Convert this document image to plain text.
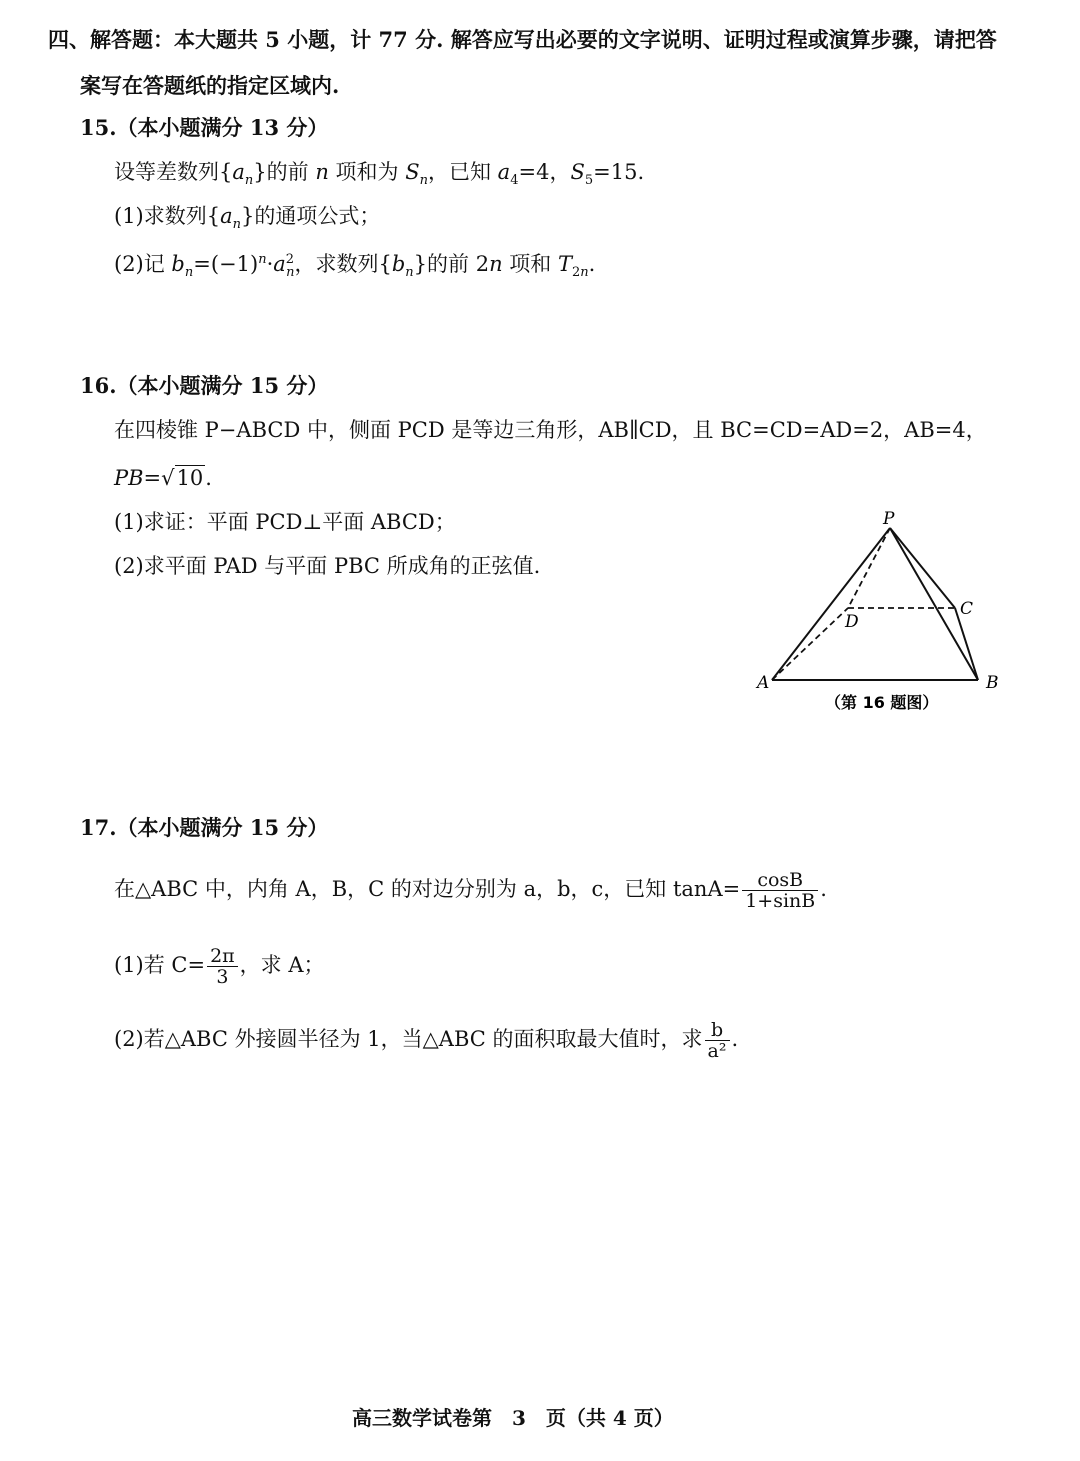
四、解答题：本大题共 5 小题，计 77 分. 解答应写出必要的文字说明、证明过程或演算步骤，请把答
案写在答题纸的指定区域内.
15.（本小题满分 13 分）
设等差数列$\{a_n\}$的前 n 项和为 $S_n$，已知 $a_4=4$，$S_5=15$.
(1)求数列$\{a_n\}$的通项公式；
(2)记 $b_n=(-1)^n\cdot a^2_n$，求数列$\{b_n\}$的前 2n 项和 $T_{2n}$.
16.（本小题满分 15 分）
在四棱锥 P−ABCD 中，侧面 PCD 是等边三角形，AB∥CD，且 BC=CD=AD=2，AB=4，
PB=√10.
(1)求证：平面 PCD⊥平面 ABCD；
(2)求平面 PAD 与平面 PBC 所成角的正弦值.
P
A	B
C
D
（第 16 题图）
17.（本小题满分 15 分）
在△ABC 中，内角 A，B，C 的对边分别为 a，b，c，已知 $\tan A= \frac{\cos B}{1+\sin B}$ .
(1)若 $C= \frac{2\pi}{3}$ ，求 A；
(2)若△ABC 外接圆半径为 1，当△ABC 的面积取最大值时，求 $\frac{b}{\text{a²}}$ .
高三数学试卷第　3　页（共 4 页）
